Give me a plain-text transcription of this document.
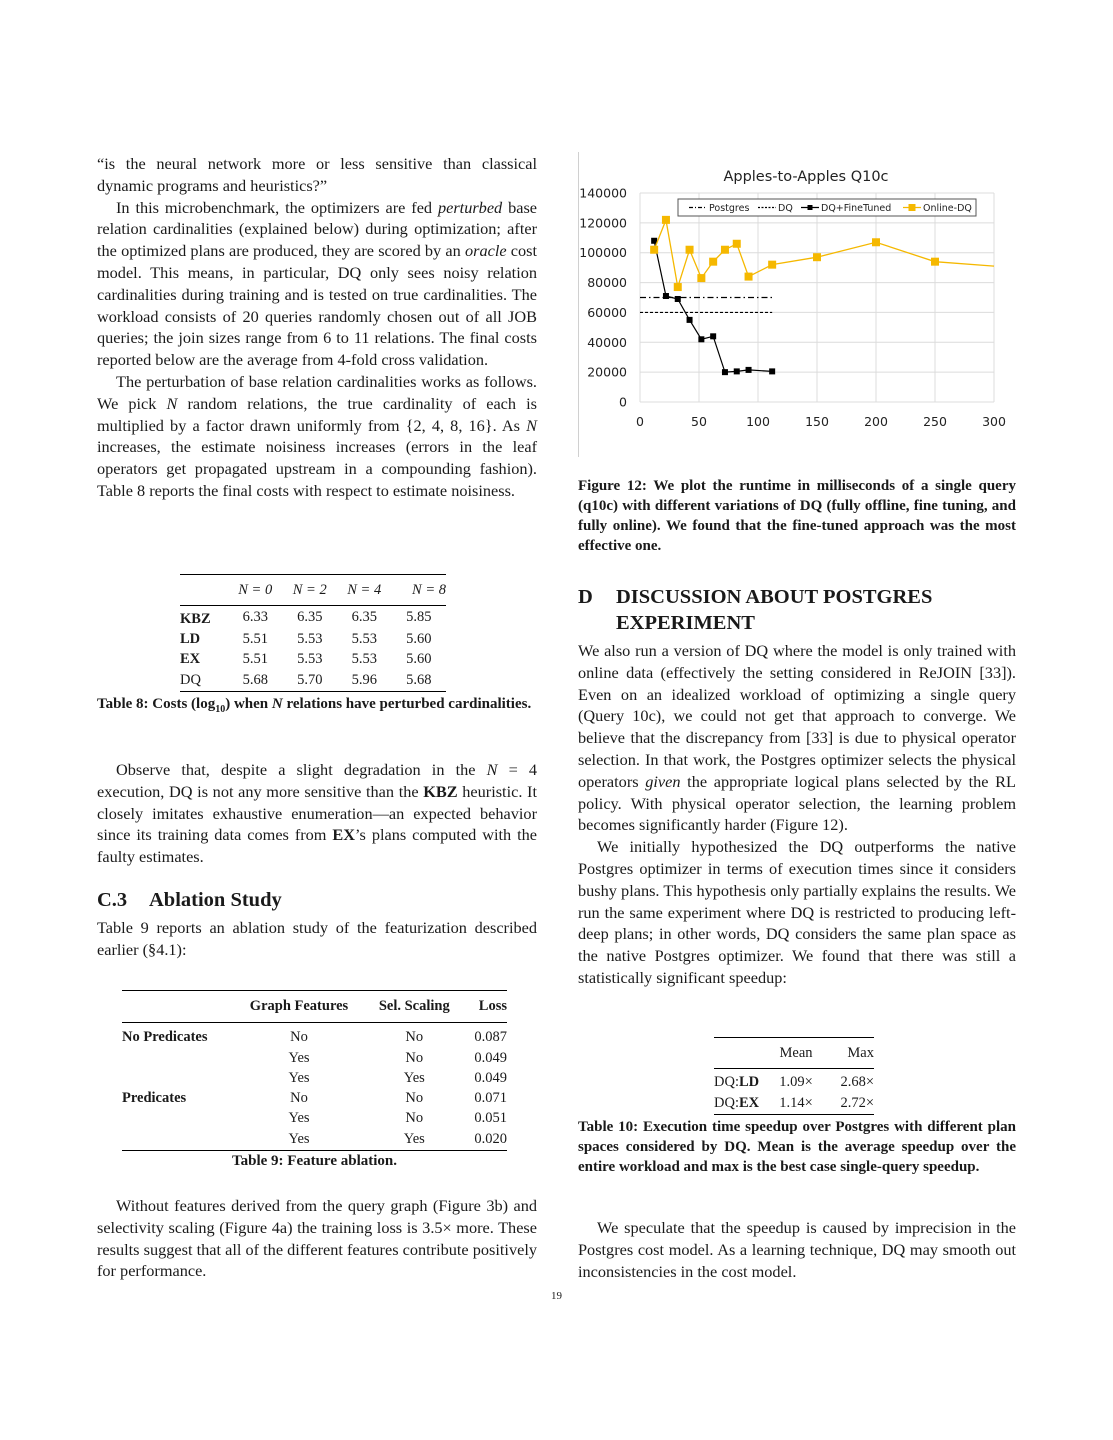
“is the neural network more or less sensitive than classical dynamic programs and heuristics?”

In this microbenchmark, the optimizers are fed perturbed base relation cardinalities (explained below) during optimization; after the optimized plans are produced, they are scored by an oracle cost model. This means, in particular, DQ only sees noisy relation cardinalities during training and is tested on true cardinalities. The workload consists of 20 queries randomly chosen out of all JOB queries; the join sizes range from 6 to 11 relations. The final costs reported below are the average from 4-fold cross validation.

The perturbation of base relation cardinalities works as follows. We pick N random relations, the true cardinality of each is multiplied by a factor drawn uniformly from {2, 4, 8, 16}. As N increases, the estimate noisiness increases (errors in the leaf operators get propagated upstream in a compounding fashion). Table 8 reports the final costs with respect to estimate noisiness.

	N = 0	N = 2	N = 4	N = 8
KBZ	6.33	6.35	6.35	5.85
LD	5.51	5.53	5.53	5.60
EX	5.51	5.53	5.53	5.60
DQ	5.68	5.70	5.96	5.68
Table 8: Costs $(\log_{10})$ when N relations have perturbed cardinalities.

Observe that, despite a slight degradation in the N = 4 execution, DQ is not any more sensitive than the KBZ heuristic. It closely imitates exhaustive enumeration—an expected behavior since its training data comes from EX’s plans computed with the faulty estimates.

C.3 Ablation Study

Table 9 reports an ablation study of the featurization described earlier (§4.1):

	Graph Features	Sel. Scaling	Loss
No Predicates	No	No	0.087
	Yes	No	0.049
	Yes	Yes	0.049
Predicates	No	No	0.071
	Yes	No	0.051
	Yes	Yes	0.020
Table 9: Feature ablation.

Without features derived from the query graph (Figure 3b) and selectivity scaling (Figure 4a) the training loss is 3.5× more. These results suggest that all of the different features contribute positively for performance.

Apples-to-Apples Q10c
0
20000
40000
60000
80000
100000
120000
140000
0	50	100	150	200	250	300
Postgres	DQ	DQ+FineTuned	Online-DQ
Figure 12: We plot the runtime in milliseconds of a single query (q10c) with different variations of DQ (fully offline, fine tuning, and fully online). We found that the fine-tuned approach was the most effective one.
D	DISCUSSION ABOUT POSTGRES EXPERIMENT

We also run a version of DQ where the model is only trained with online data (effectively the setting considered in ReJOIN [33]). Even on an idealized workload of optimizing a single query (Query 10c), we could not get that approach to converge. We believe that the discrepancy from [33] is due to physical operator selection. In that work, the Postgres optimizer selects the physical operators given the appropriate logical plans selected by the RL policy. With physical operator selection, the learning problem becomes significantly harder (Figure 12).

We initially hypothesized the DQ outperforms the native Postgres optimizer in terms of execution times since it considers bushy plans. This hypothesis only partially explains the results. We run the same experiment where DQ is restricted to producing left-deep plans; in other words, DQ considers the same plan space as the native Postgres optimizer. We found that there was still a statistically significant speedup:

	Mean	Max
DQ:LD	1.09×	2.68×
DQ:EX	1.14×	2.72×
Table 10: Execution time speedup over Postgres with different plan spaces considered by DQ. Mean is the average speedup over the entire workload and max is the best case single-query speedup.

We speculate that the speedup is caused by imprecision in the Postgres cost model. As a learning technique, DQ may smooth out inconsistencies in the cost model.

19
